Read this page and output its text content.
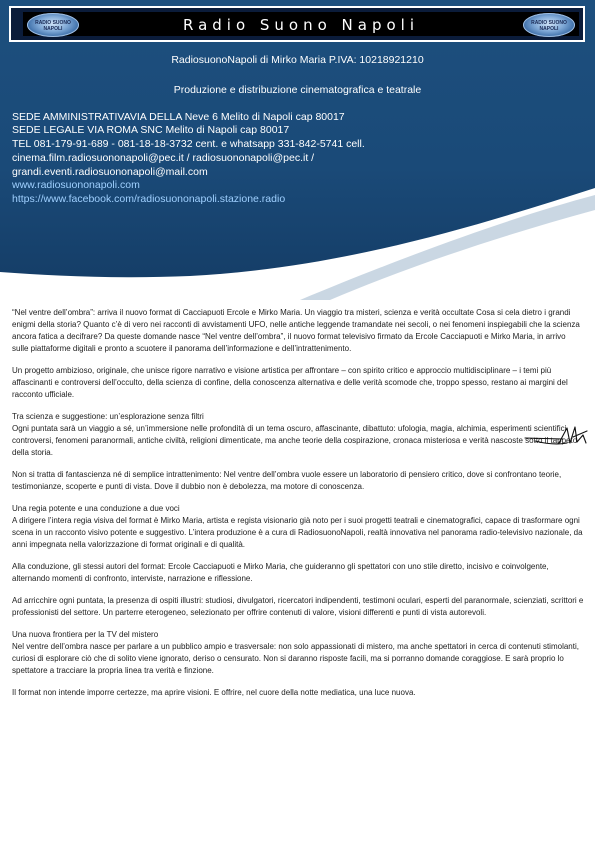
RADIO SUONO NAPOLI	Radio Suono Napoli	RADIO SUONO NAPOLI
RadiosuonoNapoli di Mirko Maria P.IVA: 10218921210
Produzione e distribuzione cinematografica e teatrale
SEDE AMMINISTRATIVAVIA DELLA Neve 6 Melito di Napoli cap 80017
SEDE LEGALE VIA ROMA SNC Melito di Napoli cap 80017
TEL 081-179-91-689 - 081-18-18-3732 cent. e whatsapp 331-842-5741 cell.
cinema.film.radiosuononapoli@pec.it / radiosuononapoli@pec.it /
grandi.eventi.radiosuononapoli@mail.com
www.radiosuononapoli.com
https://www.facebook.com/radiosuononapoli.stazione.radio

“Nel ventre dell’ombra”: arriva il nuovo format di Cacciapuoti Ercole e Mirko Maria. Un viaggio tra misteri, scienza e verità occultate Cosa si cela dietro i grandi enigmi della storia? Quanto c’è di vero nei racconti di avvistamenti UFO, nelle antiche leggende tramandate nei secoli, o nei fenomeni inspiegabili che la scienza ancora fatica a decifrare? Da queste domande nasce “Nel ventre dell’ombra”, il nuovo format televisivo firmato da Ercole Cacciapuoti e Mirko Maria, in arrivo sulle piattaforme digitali e pronto a scuotere il panorama dell’informazione e dell’intrattenimento.

Un progetto ambizioso, originale, che unisce rigore narrativo e visione artistica per affrontare – con spirito critico e approccio multidisciplinare – i temi più affascinanti e controversi dell’occulto, della scienza di confine, della conoscenza alternativa e delle verità scomode che, troppo spesso, restano ai margini del racconto ufficiale.

Tra scienza e suggestione: un’esplorazione senza filtri

Ogni puntata sarà un viaggio a sé, un’immersione nelle profondità di un tema oscuro, affascinante, dibattuto: ufologia, magia, alchimia, esperimenti scientifici controversi, fenomeni paranormali, antiche civiltà, religioni dimenticate, ma anche teorie della cospirazione, cronaca misteriosa e verità nascoste sotto il tappeto della storia.

Non si tratta di fantascienza né di semplice intrattenimento: Nel ventre dell’ombra vuole essere un laboratorio di pensiero critico, dove si confrontano teorie, testimonianze, scoperte e punti di vista. Dove il dubbio non è debolezza, ma motore di conoscenza.

Una regia potente e una conduzione a due voci

A dirigere l’intera regia visiva del format è Mirko Maria, artista e regista visionario già noto per i suoi progetti teatrali e cinematografici, capace di trasformare ogni scena in un racconto visivo potente e suggestivo. L’intera produzione è a cura di RadiosuonoNapoli, realtà innovativa nel panorama radio-televisivo nazionale, da anni impegnata nella valorizzazione di format originali e di qualità.

Alla conduzione, gli stessi autori del format: Ercole Cacciapuoti e Mirko Maria, che guideranno gli spettatori con uno stile diretto, incisivo e coinvolgente, alternando momenti di confronto, interviste, narrazione e riflessione.

Ad arricchire ogni puntata, la presenza di ospiti illustri: studiosi, divulgatori, ricercatori indipendenti, testimoni oculari, esperti del paranormale, scienziati, scrittori e professionisti del settore. Un parterre eterogeneo, selezionato per offrire contenuti di valore, visioni differenti e punti di vista autorevoli.

Una nuova frontiera per la TV del mistero

Nel ventre dell’ombra nasce per parlare a un pubblico ampio e trasversale: non solo appassionati di mistero, ma anche spettatori in cerca di contenuti stimolanti, curiosi di esplorare ciò che di solito viene ignorato, deriso o censurato. Non si daranno risposte facili, ma si porranno domande coraggiose. E sarà proprio lo spettatore a tracciare la propria linea tra verità e finzione.

Il format non intende imporre certezze, ma aprire visioni. E offrire, nel cuore della notte mediatica, una luce nuova.
